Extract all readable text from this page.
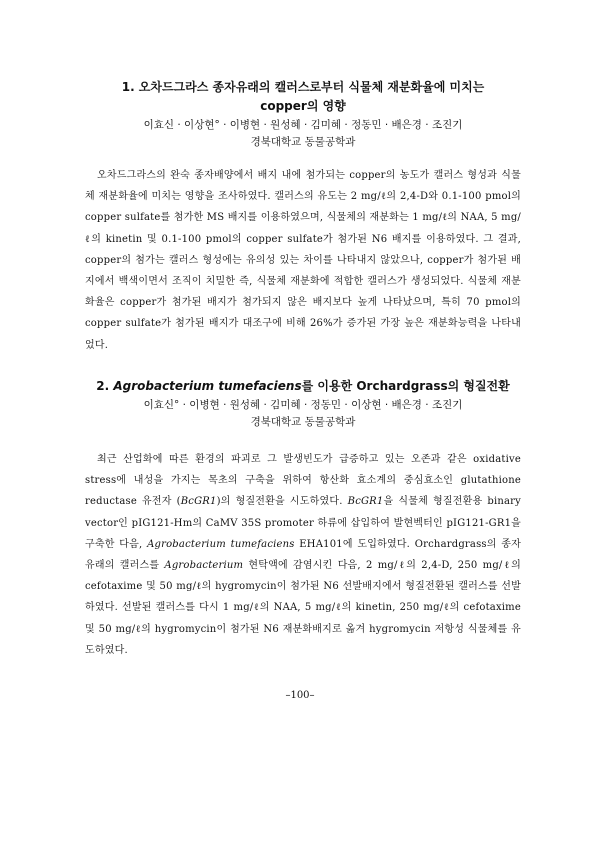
1. 오차드그라스 종자유래의 캘러스로부터 식물체 재분화율에 미치는
copper의 영향

이효신 · 이상현° · 이병현 · 원성혜 · 김미혜 · 정동민 · 배은경 · 조진기

경북대학교 동물공학과

오차드그라스의 완숙 종자배양에서 배지 내에 첨가되는 copper의 농도가 캘러스 형성과 식물체 재분화율에 미치는 영향을 조사하였다. 캘러스의 유도는 2 mg/ℓ의 2,4-D와 0.1-100 pmol의 copper sulfate를 첨가한 MS 배지를 이용하였으며, 식물체의 재분화는 1 mg/ℓ의 NAA, 5 mg/ℓ의 kinetin 및 0.1-100 pmol의 copper sulfate가 첨가된 N6 배지를 이용하였다. 그 결과, copper의 첨가는 캘러스 형성에는 유의성 있는 차이를 나타내지 않았으나, copper가 첨가된 배지에서 백색이면서 조직이 치밀한 즉, 식물체 재분화에 적합한 캘러스가 생성되었다. 식물체 재분화율은 copper가 첨가된 배지가 첨가되지 않은 배지보다 높게 나타났으며, 특히 70 pmol의 copper sulfate가 첨가된 배지가 대조구에 비해 26%가 증가된 가장 높은 재분화능력을 나타내었다.

2. Agrobacterium tumefaciens를 이용한 Orchardgrass의 형질전환

이효신° · 이병현 · 원성혜 · 김미혜 · 정동민 · 이상현 · 배은경 · 조진기

경북대학교 동물공학과

최근 산업화에 따른 환경의 파괴로 그 발생빈도가 급증하고 있는 오존과 같은 oxidative stress에 내성을 가지는 목초의 구축을 위하여 항산화 효소계의 중심효소인 glutathione reductase 유전자 (BcGR1)의 형질전환을 시도하였다. BcGR1을 식물체 형질전환용 binary vector인 pIG121-Hm의 CaMV 35S promoter 하류에 삽입하여 발현벡터인 pIG121-GR1을 구축한 다음, Agrobacterium tumefaciens EHA101에 도입하였다. Orchardgrass의 종자 유래의 캘러스를 Agrobacterium 현탁액에 감염시킨 다음, 2 mg/ℓ의 2,4-D, 250 mg/ℓ의 cefotaxime 및 50 mg/ℓ의 hygromycin이 첨가된 N6 선발배지에서 형질전환된 캘러스를 선발하였다. 선발된 캘러스를 다시 1 mg/ℓ의 NAA, 5 mg/ℓ의 kinetin, 250 mg/ℓ의 cefotaxime 및 50 mg/ℓ의 hygromycin이 첨가된 N6 재분화배지로 옮겨 hygromycin 저항성 식물체를 유도하였다.
–100–
